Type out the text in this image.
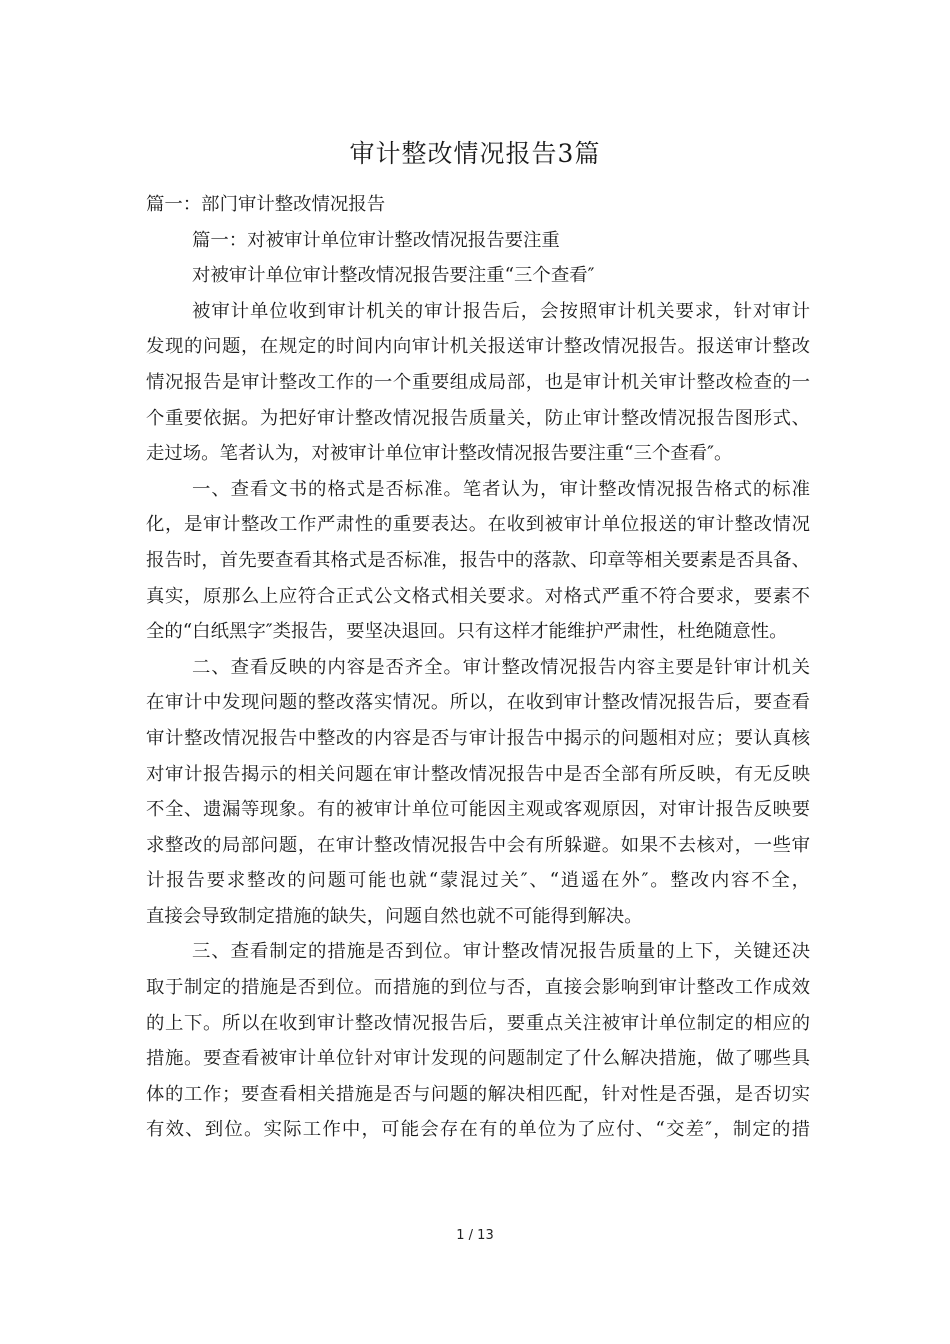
审计整改情况报告3篇

篇一：部门审计整改情况报告

篇一：对被审计单位审计整改情况报告要注重

对被审计单位审计整改情况报告要注重“三个查看″

被审计单位收到审计机关的审计报告后，会按照审计机关要求，针对审计

发现的问题，在规定的时间内向审计机关报送审计整改情况报告。报送审计整改

情况报告是审计整改工作的一个重要组成局部，也是审计机关审计整改检查的一

个重要依据。为把好审计整改情况报告质量关，防止审计整改情况报告图形式、

走过场。笔者认为，对被审计单位审计整改情况报告要注重“三个查看″。

一、查看文书的格式是否标准。笔者认为，审计整改情况报告格式的标准

化，是审计整改工作严肃性的重要表达。在收到被审计单位报送的审计整改情况

报告时，首先要查看其格式是否标准，报告中的落款、印章等相关要素是否具备、

真实，原那么上应符合正式公文格式相关要求。对格式严重不符合要求，要素不

全的“白纸黑字″类报告，要坚决退回。只有这样才能维护严肃性，杜绝随意性。

二、查看反映的内容是否齐全。审计整改情况报告内容主要是针审计机关

在审计中发现问题的整改落实情况。所以，在收到审计整改情况报告后，要查看

审计整改情况报告中整改的内容是否与审计报告中揭示的问题相对应；要认真核

对审计报告揭示的相关问题在审计整改情况报告中是否全部有所反映，有无反映

不全、遗漏等现象。有的被审计单位可能因主观或客观原因，对审计报告反映要

求整改的局部问题，在审计整改情况报告中会有所躲避。如果不去核对，一些审

计报告要求整改的问题可能也就“蒙混过关″、“逍遥在外″。整改内容不全，

直接会导致制定措施的缺失，问题自然也就不可能得到解决。

三、查看制定的措施是否到位。审计整改情况报告质量的上下，关键还决

取于制定的措施是否到位。而措施的到位与否，直接会影响到审计整改工作成效

的上下。所以在收到审计整改情况报告后，要重点关注被审计单位制定的相应的

措施。要查看被审计单位针对审计发现的问题制定了什么解决措施，做了哪些具

体的工作；要查看相关措施是否与问题的解决相匹配，针对性是否强，是否切实

有效、到位。实际工作中，可能会存在有的单位为了应付、“交差″，制定的措

1 / 13
